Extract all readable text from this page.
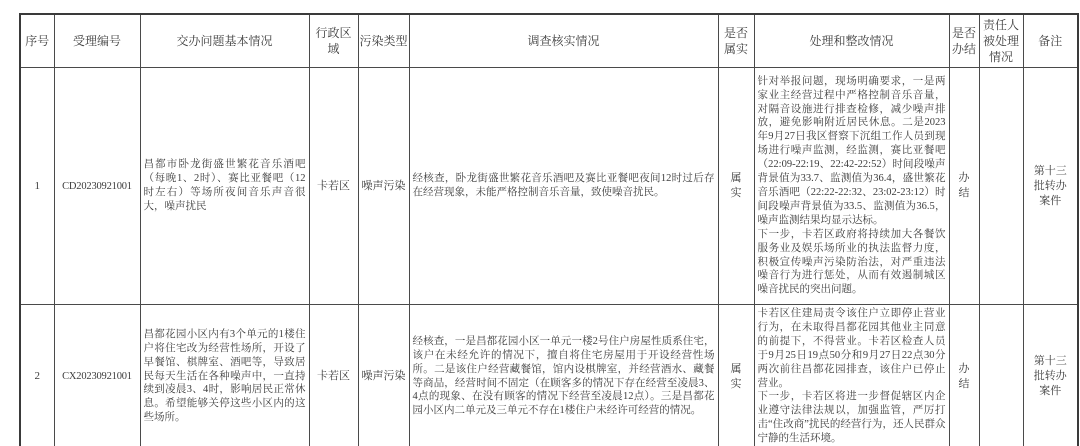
序号	受理编号	交办问题基本情况	行政区域	污染类型	调查核实情况	是否属实	处理和整改情况	是否办结	责任人被处理情况	备注
1	CD20230921001	昌都市卧龙街盛世繁花音乐酒吧（每晚1、2时）、赛比亚餐吧（12时左右）等场所夜间音乐声音很大，噪声扰民	卡若区	噪声污染	经核查，卧龙街盛世繁花音乐酒吧及赛比亚餐吧夜间12时过后存在经营现象，未能严格控制音乐音量，致使噪音扰民。	属实	针对举报问题，现场明确要求，一是两家业主经营过程中严格控制音乐音量，对隔音设施进行排查检修，减少噪声排放，避免影响附近居民休息。二是2023年9月27日我区督察下沉组工作人员到现场进行噪声监测，经监测，赛比亚餐吧（22:09-22:19、22:42-22:52）时间段噪声背景值为33.7、监测值为36.4，盛世繁花音乐酒吧（22:22-22:32、23:02-23:12）时间段噪声背景值为33.5、监测值为36.5，噪声监测结果均显示达标。
下一步，卡若区政府将持续加大各餐饮服务业及娱乐场所业的执法监督力度，积极宣传噪声污染防治法，对严重违法噪音行为进行惩处，从而有效遏制城区噪音扰民的突出问题。	办结		第十三批转办案件

2	CX20230921001	昌都花园小区内有3个单元的1楼住户将住宅改为经营性场所，开设了早餐馆、棋牌室、酒吧等，导致居民每天生活在各种噪声中，一直持续到凌晨3、4时，影响居民正常休息。希望能够关停这些小区内的这些场所。	卡若区	噪声污染	经核查，一是昌都花园小区一单元一楼2号住户房屋性质系住宅，该户在未经允许的情况下，擅自将住宅房屋用于开设经营性场所。二是该住户经营藏餐馆，馆内设棋牌室，并经营酒水、藏餐等商品，经营时间不固定（在顾客多的情况下存在经营至凌晨3、4点的现象、在没有顾客的情况下经营至凌晨12点）。三是昌都花园小区内二单元及三单元不存在1楼住户未经许可经营的情况。	属实	卡若区住建局责令该住户立即停止营业行为，在未取得昌都花园其他业主同意的前提下，不得营业。卡若区检查人员于9月25日19点50分和9月27日22点30分两次前往昌都花园排查，该住户已停止营业。
下一步，卡若区将进一步督促辖区内企业遵守法律法规以，加强监管，严厉打击“住改商”扰民的经营行为，还人民群众宁静的生活环境。	办结		第十三批转办案件
